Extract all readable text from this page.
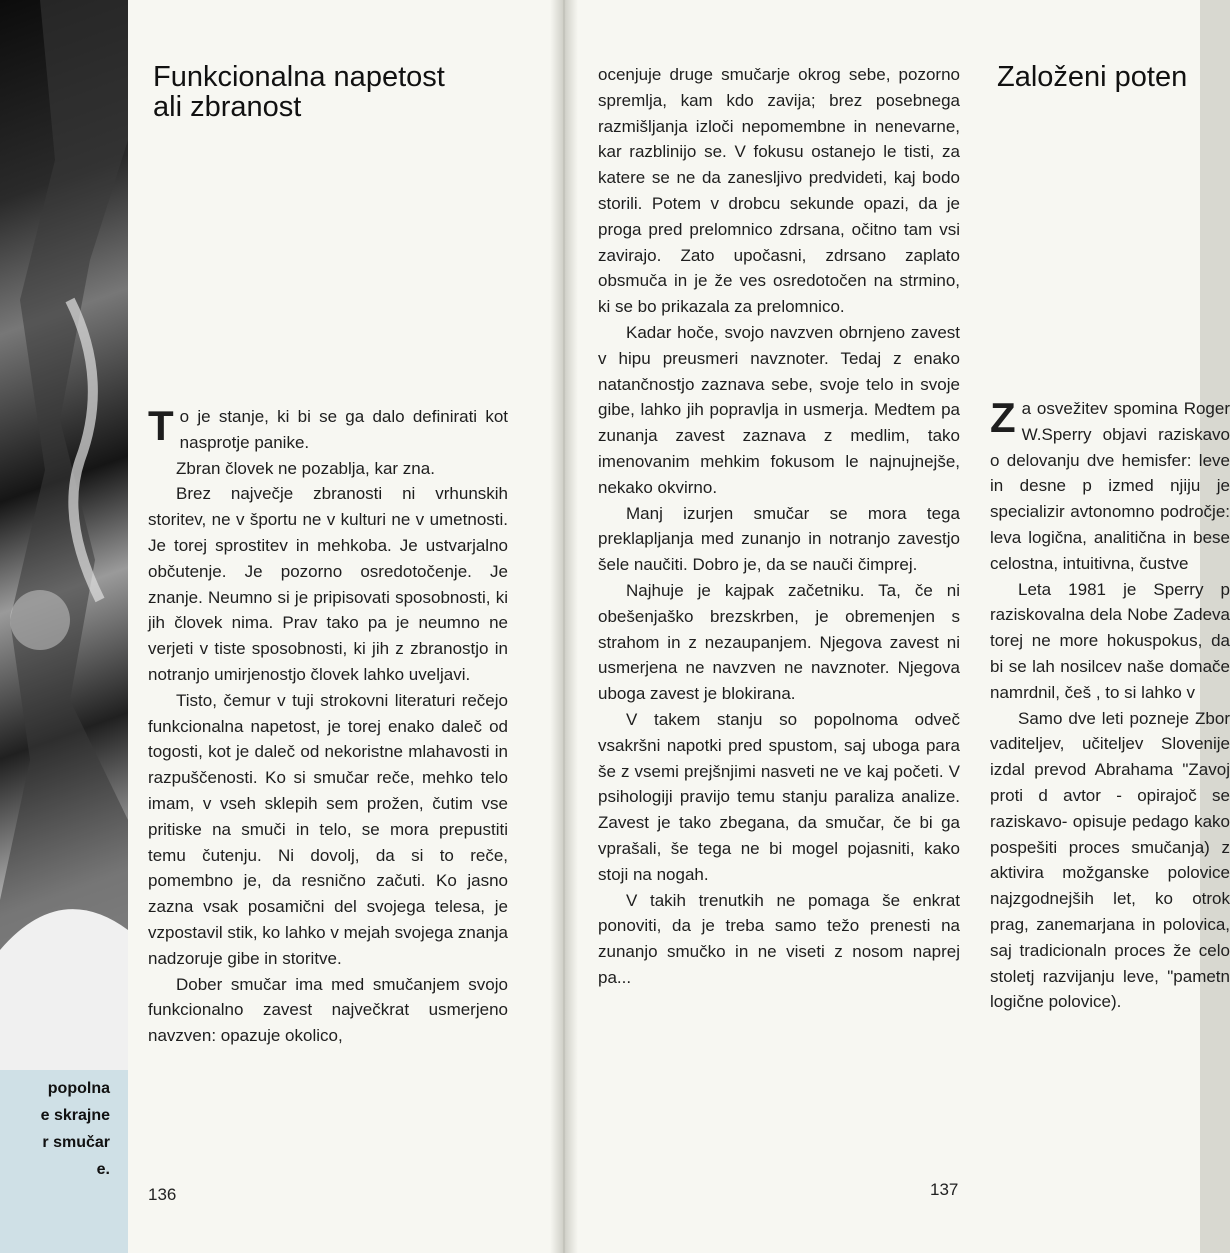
popolna
e skrajne
r smučar
e.
Funkcionalna napetost
ali zbranost

To je stanje, ki bi se ga dalo definirati kot nasprotje panike.

Zbran človek ne pozablja, kar zna.

Brez največje zbranosti ni vrhunskih storitev, ne v športu ne v kulturi ne v umetnosti. Je torej sprostitev in mehkoba. Je ustvarjalno občutenje. Je pozorno osredotočenje. Je znanje. Neumno si je pripisovati sposobnosti, ki jih človek nima. Prav tako pa je neumno ne verjeti v tiste sposobnosti, ki jih z zbranostjo in notranjo umirjenostjo človek lahko uveljavi.

Tisto, čemur v tuji strokovni literaturi rečejo funkcionalna napetost, je torej enako daleč od togosti, kot je daleč od nekoristne mlahavosti in razpuščenosti. Ko si smučar reče, mehko telo imam, v vseh sklepih sem prožen, čutim vse pritiske na smuči in telo, se mora prepustiti temu čutenju. Ni dovolj, da si to reče, pomembno je, da resnično začuti. Ko jasno zazna vsak posamični del svojega telesa, je vzpostavil stik, ko lahko v mejah svojega znanja nadzoruje gibe in storitve.

Dober smučar ima med smučanjem svojo funkcionalno zavest največkrat usmerjeno navzven: opazuje okolico,

136

ocenjuje druge smučarje okrog sebe, pozorno spremlja, kam kdo zavija; brez posebnega razmišljanja izloči nepomembne in nenevarne, kar razblinijo se. V fokusu ostanejo le tisti, za katere se ne da zanesljivo predvideti, kaj bodo storili. Potem v drobcu sekunde opazi, da je proga pred prelomnico zdrsana, očitno tam vsi zavirajo. Zato upočasni, zdrsano zaplato obsmuča in je že ves osredotočen na strmino, ki se bo prikazala za prelomnico.

Kadar hoče, svojo navzven obrnjeno zavest v hipu preusmeri navznoter. Tedaj z enako natančnostjo zaznava sebe, svoje telo in svoje gibe, lahko jih popravlja in usmerja. Medtem pa zunanja zavest zaznava z medlim, tako imenovanim mehkim fokusom le najnujnejše, nekako okvirno.

Manj izurjen smučar se mora tega preklapljanja med zunanjo in notranjo zavestjo šele naučiti. Dobro je, da se nauči čimprej.

Najhuje je kajpak začetniku. Ta, če ni obešenjaško brezskrben, je obremenjen s strahom in z nezaupanjem. Njegova zavest ni usmerjena ne navzven ne navznoter. Njegova uboga zavest je blokirana.

V takem stanju so popolnoma odveč vsakršni napotki pred spustom, saj uboga para še z vsemi prejšnjimi nasveti ne ve kaj početi. V psihologiji pravijo temu stanju paraliza analize. Zavest je tako zbegana, da smučar, če bi ga vprašali, še tega ne bi mogel pojasniti, kako stoji na nogah.

V takih trenutkih ne pomaga še enkrat ponoviti, da je treba samo težo prenesti na zunanjo smučko in ne viseti z nosom naprej pa...

137
Založeni poten

Za osvežitev spomina Roger W.Sperry objavi raziskavo o delovanju dve hemisfer: leve in desne p izmed njiju je specializir avtonomno področje: leva logična, analitična in bese celostna, intuitivna, čustve

Leta 1981 je Sperry p raziskovalna dela Nobe Zadeva torej ne more hokuspokus, da bi se lah nosilcev naše domače namrdnil, češ , to si lahko v

Samo dve leti pozneje Zbor vaditeljev, učiteljev Slovenije izdal prevod Abrahama "Zavoj proti d avtor - opirajoč se raziskavo- opisuje pedago kako pospešiti proces smučanja) z aktivira možganske polovice najzgodnejših let, ko otrok prag, zanemarjana in polovica, saj tradicionaln proces že celo stoletj razvijanju leve, "pametn logične polovice).
